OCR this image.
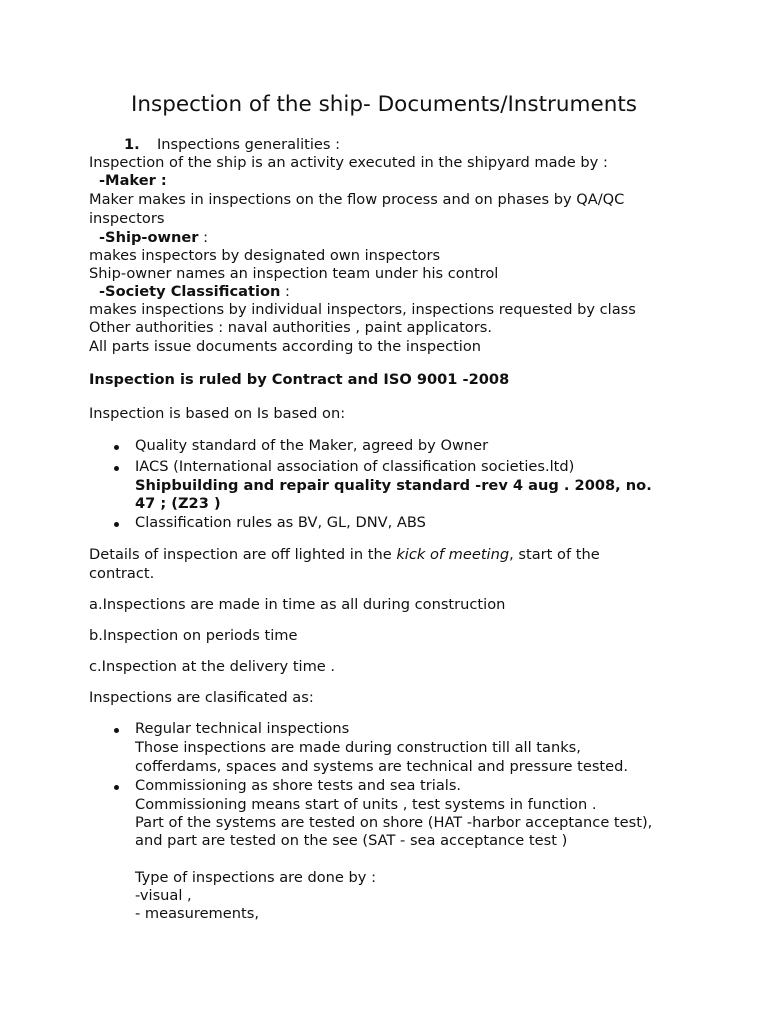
Inspection of the ship- Documents/Instruments
1. Inspections generalities :
Inspection of the ship is an activity executed in the shipyard made by :
-Maker :
Maker makes in inspections on the flow process and on phases by QA/QC
inspectors
-Ship-owner :
makes inspectors by designated own inspectors
Ship-owner names an inspection team under his control
-Society Classification :
makes inspections by individual inspectors, inspections requested by class
Other authorities : naval authorities , paint applicators.
All parts issue documents according to the inspection
Inspection is ruled by Contract and ISO 9001 -2008
Inspection is based on Is based on:
Quality standard of the Maker, agreed by Owner
IACS (International association of classification societies.ltd)
Shipbuilding and repair quality standard -rev 4 aug . 2008, no.
47 ; (Z23 )
Classification rules as BV, GL, DNV, ABS
Details of inspection are off lighted in the kick of meeting, start of the
contract.
a.Inspections are made in time as all during construction
b.Inspection on periods time
c.Inspection at the delivery time .
Inspections are clasificated as:
Regular technical inspections
Those inspections are made during construction till all tanks,
cofferdams, spaces and systems are technical and pressure tested.
Commissioning as shore tests and sea trials.
Commissioning means start of units , test systems in function .
Part of the systems are tested on shore (HAT -harbor acceptance test),
and part are tested on the see (SAT - sea acceptance test )
Type of inspections are done by :
-visual ,
- measurements,
